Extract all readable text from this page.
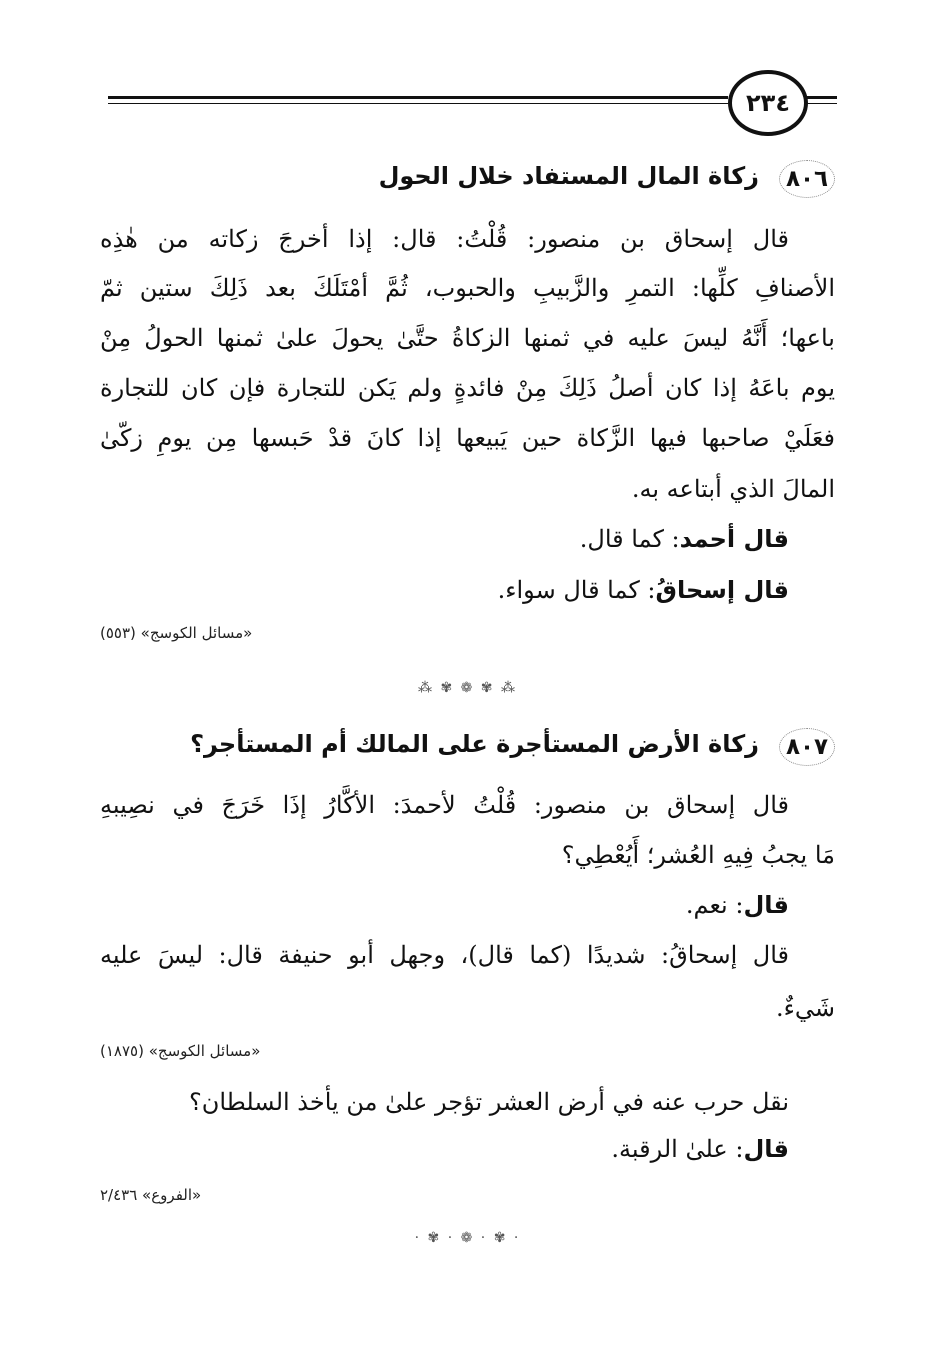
٢٣٤
٨٠٦
زكاة المال المستفاد خلال الحول
قال إسحاق بن منصور: قُلْتُ: قال: إذا أخرجَ زكاته من هٰذِه
الأصنافِ كلِّها: التمرِ والزَّبيبِ والحبوب، ثُمَّ أمْتَلَكَ بعد ذَلِكَ ستين ثمّ
باعها؛ أَنَّهُ ليسَ عليه في ثمنها الزكاةُ حتَّىٰ يحولَ علىٰ ثمنها الحولُ مِنْ
يوم باعَهُ إذا كان أصلُ ذَلِكَ مِنْ فائدةٍ ولم يَكن للتجارة فإن كان للتجارة
فعَلَيْ صاحبها فيها الزَّكاة حين يَبيعها إذا كانَ قدْ حَبسها مِن يومِ زكّىٰ
المالَ الذي أبتاعه به.
قال أحمد: كما قال.
قال إسحاقُ: كما قال سواء.
«مسائل الكوسج» (٥٥٣)
⁂ ✾ ❁ ✾ ⁂
٨٠٧
زكاة الأرض المستأجرة على المالك أم المستأجر؟
قال إسحاق بن منصور: قُلْتُ لأحمدَ: الأكَّارُ إذَا خَرَجَ في نصِيبهِ
مَا يجبُ فِيهِ العُشر؛ أَيُعْطِي؟
قال: نعم.
قال إسحاقُ: شديدًا (كما قال)، وجهل أبو حنيفة قال: ليسَ عليه
شَيءٌ.
«مسائل الكوسج» (١٨٧٥)
نقل حرب عنه في أرض العشر تؤجر علىٰ من يأخذ السلطان؟
قال: علىٰ الرقبة.
«الفروع» ٢/٤٣٦
· ✾ · ❁ · ✾ ·
